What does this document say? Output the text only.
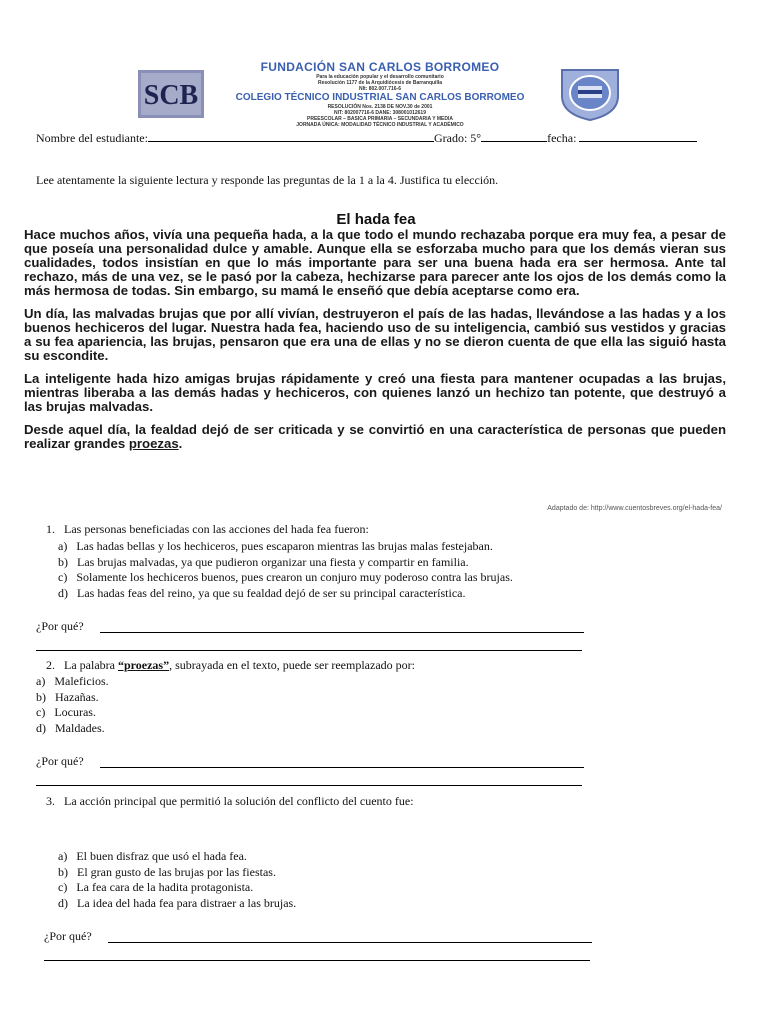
SCB
FUNDACIÓN SAN CARLOS BORROMEO
Para la educación popular y el desarrollo comunitario
Resolución 1177 de la Arquidiócesis de Barranquilla
NIt: 802.007.716-6
COLEGIO TÉCNICO INDUSTRIAL SAN CARLOS BORROMEO
RESOLUCIÓN Nos. 2138 DE NOV.30 de 2001
NIT: 802007716-6 DANE: 308001012619
PREESCOLAR – BASICA PRIMARIA – SECUNDARIA Y MEDIA
JORNADA ÚNICA: MODALIDAD TÉCNICO INDUSTRIAL Y ACADÉMICO
Nombre del estudiante:	Grado: 5°	fecha:
Lee atentamente la siguiente lectura y responde las preguntas de la 1 a la 4. Justifica tu elección.
El hada fea

Hace muchos años, vivía una pequeña hada, a la que todo el mundo rechazaba porque era muy fea, a pesar de que poseía una personalidad dulce y amable. Aunque ella se esforzaba mucho para que los demás vieran sus cualidades, todos insistían en que lo más importante para ser una buena hada era ser hermosa. Ante tal rechazo, más de una vez, se le pasó por la cabeza, hechizarse para parecer ante los ojos de los demás como la más hermosa de todas. Sin embargo, su mamá le enseñó que debía aceptarse como era.

Un día, las malvadas brujas que por allí vivían, destruyeron el país de las hadas, llevándose a las hadas y a los buenos hechiceros del lugar. Nuestra hada fea, haciendo uso de su inteligencia, cambió sus vestidos y gracias a su fea apariencia, las brujas, pensaron que era una de ellas y no se dieron cuenta de que ella las siguió hasta su escondite.

La inteligente hada hizo amigas brujas rápidamente y creó una fiesta para mantener ocupadas a las brujas, mientras liberaba a las demás hadas y hechiceros, con quienes lanzó un hechizo tan potente, que destruyó a las brujas malvadas.

Desde aquel día, la fealdad dejó de ser criticada y se convirtió en una característica de personas que pueden realizar grandes proezas.

Adaptado de: http://www.cuentosbreves.org/el-hada-fea/
1. Las personas beneficiadas con las acciones del hada fea fueron:
a) Las hadas bellas y los hechiceros, pues escaparon mientras las brujas malas festejaban.
b) Las brujas malvadas, ya que pudieron organizar una fiesta y compartir en familia.
c) Solamente los hechiceros buenos, pues crearon un conjuro muy poderoso contra las brujas.
d) Las hadas feas del reino, ya que su fealdad dejó de ser su principal característica.
¿Por qué?
2. La palabra “proezas”, subrayada en el texto, puede ser reemplazado por:
a) Maleficios.
b) Hazañas.
c) Locuras.
d) Maldades.
¿Por qué?
3. La acción principal que permitió la solución del conflicto del cuento fue:
a) El buen disfraz que usó el hada fea.
b) El gran gusto de las brujas por las fiestas.
c) La fea cara de la hadita protagonista.
d) La idea del hada fea para distraer a las brujas.
¿Por qué?
